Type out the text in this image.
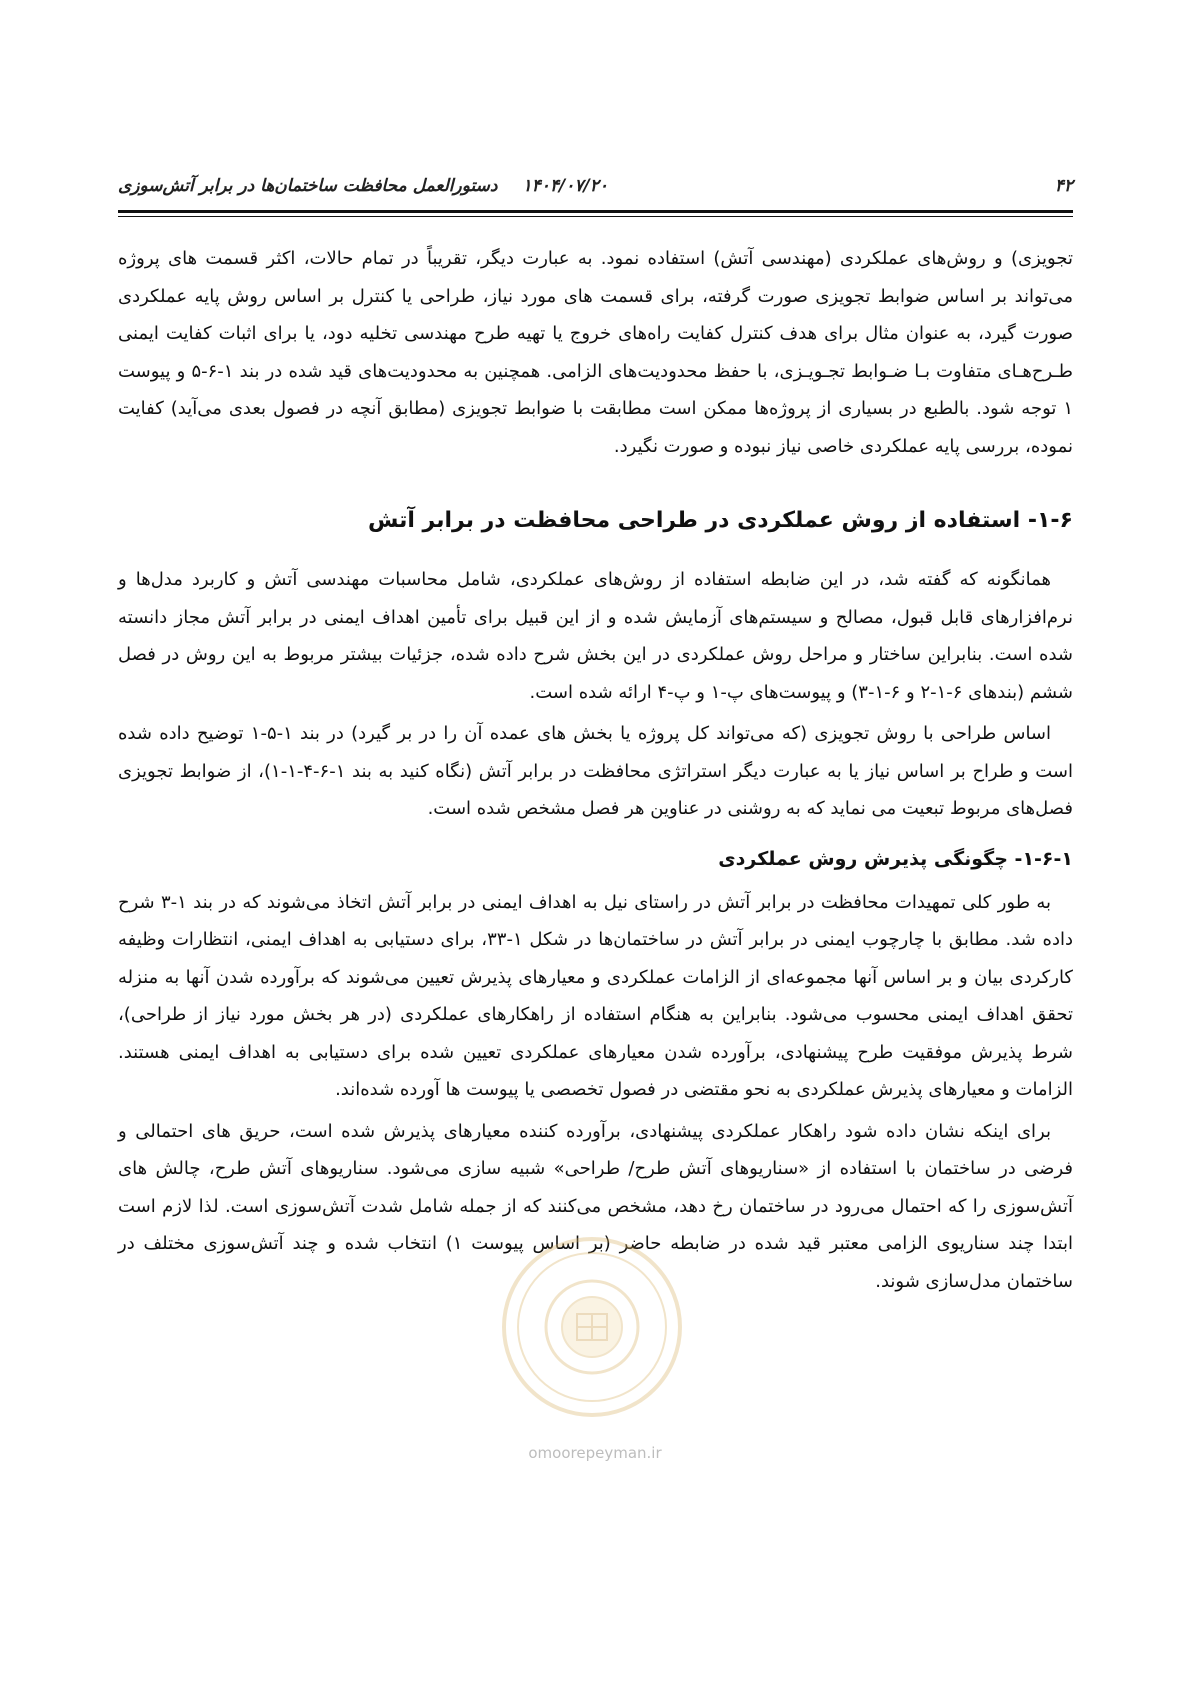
۴۲
۱۴۰۴/۰۷/۲۰
دستورالعمل محافظت ساختمان‌ها در برابر آتش‌سوزی

تجویزی) و روش‌های عملکردی (مهندسی آتش) استفاده نمود. به عبارت دیگر، تقریباً در تمام حالات، اکثر قسمت های پروژه می‌تواند بر اساس ضوابط تجویزی صورت گرفته، برای قسمت های مورد نیاز، طراحی یا کنترل بر اساس روش پایه عملکردی صورت گیرد، به عنوان مثال برای هدف کنترل کفایت راه‌های خروج یا تهیه طرح مهندسی تخلیه دود، یا برای اثبات کفایت ایمنی طـرح‌هـای متفاوت بـا ضـوابط تجـویـزی، با حفظ محدودیت‌های الزامی. همچنین به محدودیت‌های قید شده در بند ۱-۶-۵ و پیوست ۱ توجه شود. بالطبع در بسیاری از پروژه‌ها ممکن است مطابقت با ضوابط تجویزی (مطابق آنچه در فصول بعدی می‌آید) کفایت نموده، بررسی پایه عملکردی خاصی نیاز نبوده و صورت نگیرد.

۱-۶- استفاده از روش عملکردی در طراحی محافظت در برابر آتش

همانگونه که گفته شد، در این ضابطه استفاده از روش‌های عملکردی، شامل محاسبات مهندسی آتش و کاربرد مدل‌ها و نرم‌افزارهای قابل قبول، مصالح و سیستم‌های آزمایش شده و از این قبیل برای تأمین اهداف ایمنی در برابر آتش مجاز دانسته شده است. بنابراین ساختار و مراحل روش عملکردی در این بخش شرح داده شده، جزئیات بیشتر مربوط به این روش در فصل ششم (بندهای ۶-۱-۲ و ۶-۱-۳) و پیوست‌های پ-۱ و پ-۴ ارائه شده است.

اساس طراحی با روش تجویزی (که می‌تواند کل پروژه یا بخش های عمده آن را در بر گیرد) در بند ۱-۵-۱ توضیح داده شده است و طراح بر اساس نیاز یا به عبارت دیگر استراتژی محافظت در برابر آتش (نگاه کنید به بند ۱-۶-۴-۱-۱)، از ضوابط تجویزی فصل‌های مربوط تبعیت می نماید که به روشنی در عناوین هر فصل مشخص شده است.

۱-۶-۱- چگونگی پذیرش روش عملکردی

به طور کلی تمهیدات محافظت در برابر آتش در راستای نیل به اهداف ایمنی در برابر آتش اتخاذ می‌شوند که در بند ۱-۳ شرح داده شد. مطابق با چارچوب ایمنی در برابر آتش در ساختمان‌ها در شکل ۱-۳۳، برای دستیابی به اهداف ایمنی، انتظارات وظیفه کارکردی بیان و بر اساس آنها مجموعه‌ای از الزامات عملکردی و معیارهای پذیرش تعیین می‌شوند که برآورده شدن آنها به منزله تحقق اهداف ایمنی محسوب می‌شود. بنابراین به هنگام استفاده از راهکارهای عملکردی (در هر بخش مورد نیاز از طراحی)، شرط پذیرش موفقیت طرح پیشنهادی، برآورده شدن معیارهای عملکردی تعیین شده برای دستیابی به اهداف ایمنی هستند. الزامات و معیارهای پذیرش عملکردی به نحو مقتضی در فصول تخصصی یا پیوست ها آورده شده‌اند.

برای اینکه نشان داده شود راهکار عملکردی پیشنهادی، برآورده کننده معیارهای پذیرش شده است، حریق های احتمالی و فرضی در ساختمان با استفاده از «سناریوهای آتش طرح/ طراحی» شبیه سازی می‌شود. سناریوهای آتش طرح، چالش های آتش‌سوزی را که احتمال می‌رود در ساختمان رخ دهد، مشخص می‌کنند که از جمله شامل شدت آتش‌سوزی است. لذا لازم است ابتدا چند سناریوی الزامی معتبر قید شده در ضابطه حاضر (بر اساس پیوست ۱) انتخاب شده و چند آتش‌سوزی مختلف در ساختمان مدل‌سازی شوند.

omoorepeyman.ir
